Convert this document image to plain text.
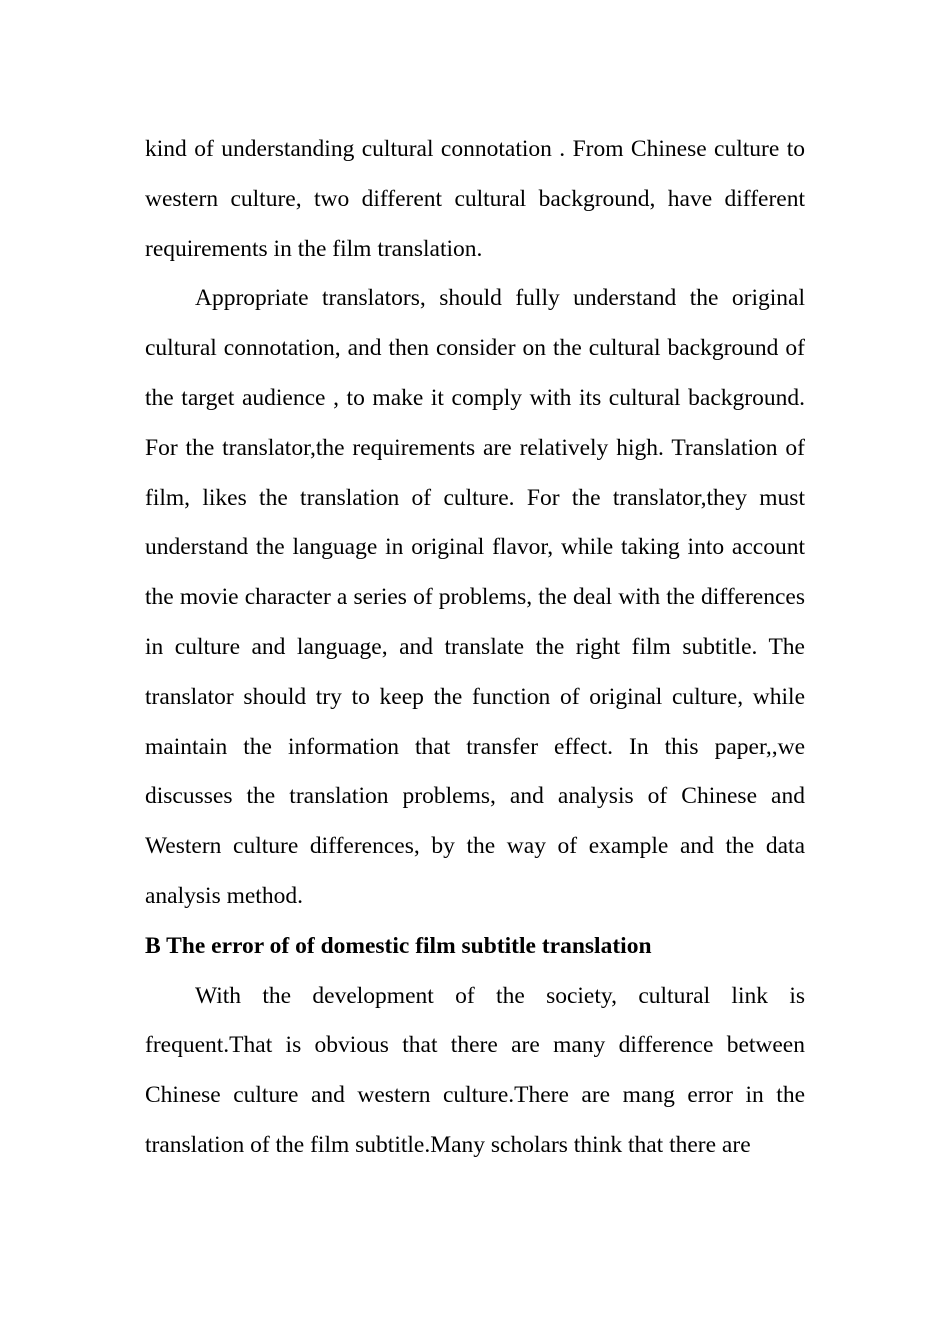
kind of understanding cultural connotation . From Chinese culture to western culture, two different cultural background, have different requirements in the film translation.

Appropriate translators, should fully understand the original cultural connotation, and then consider on the cultural background of the target audience , to make it comply with its cultural background. For the translator,the requirements are relatively high. Translation of film, likes the translation of culture. For the translator,they must understand the language in original flavor, while taking into account the movie character a series of problems, the deal with the differences in culture and language, and translate the right film subtitle. The translator should try to keep the function of original culture, while maintain the information that transfer effect. In this paper,,we discusses the translation problems, and analysis of Chinese and Western culture differences, by the way of example and the data analysis method.

B The error of of domestic film subtitle translation

With the development of the society, cultural link is frequent.That is obvious that there are many difference between Chinese culture and western culture.There are mang error in the translation of the film subtitle.Many scholars think that there are
